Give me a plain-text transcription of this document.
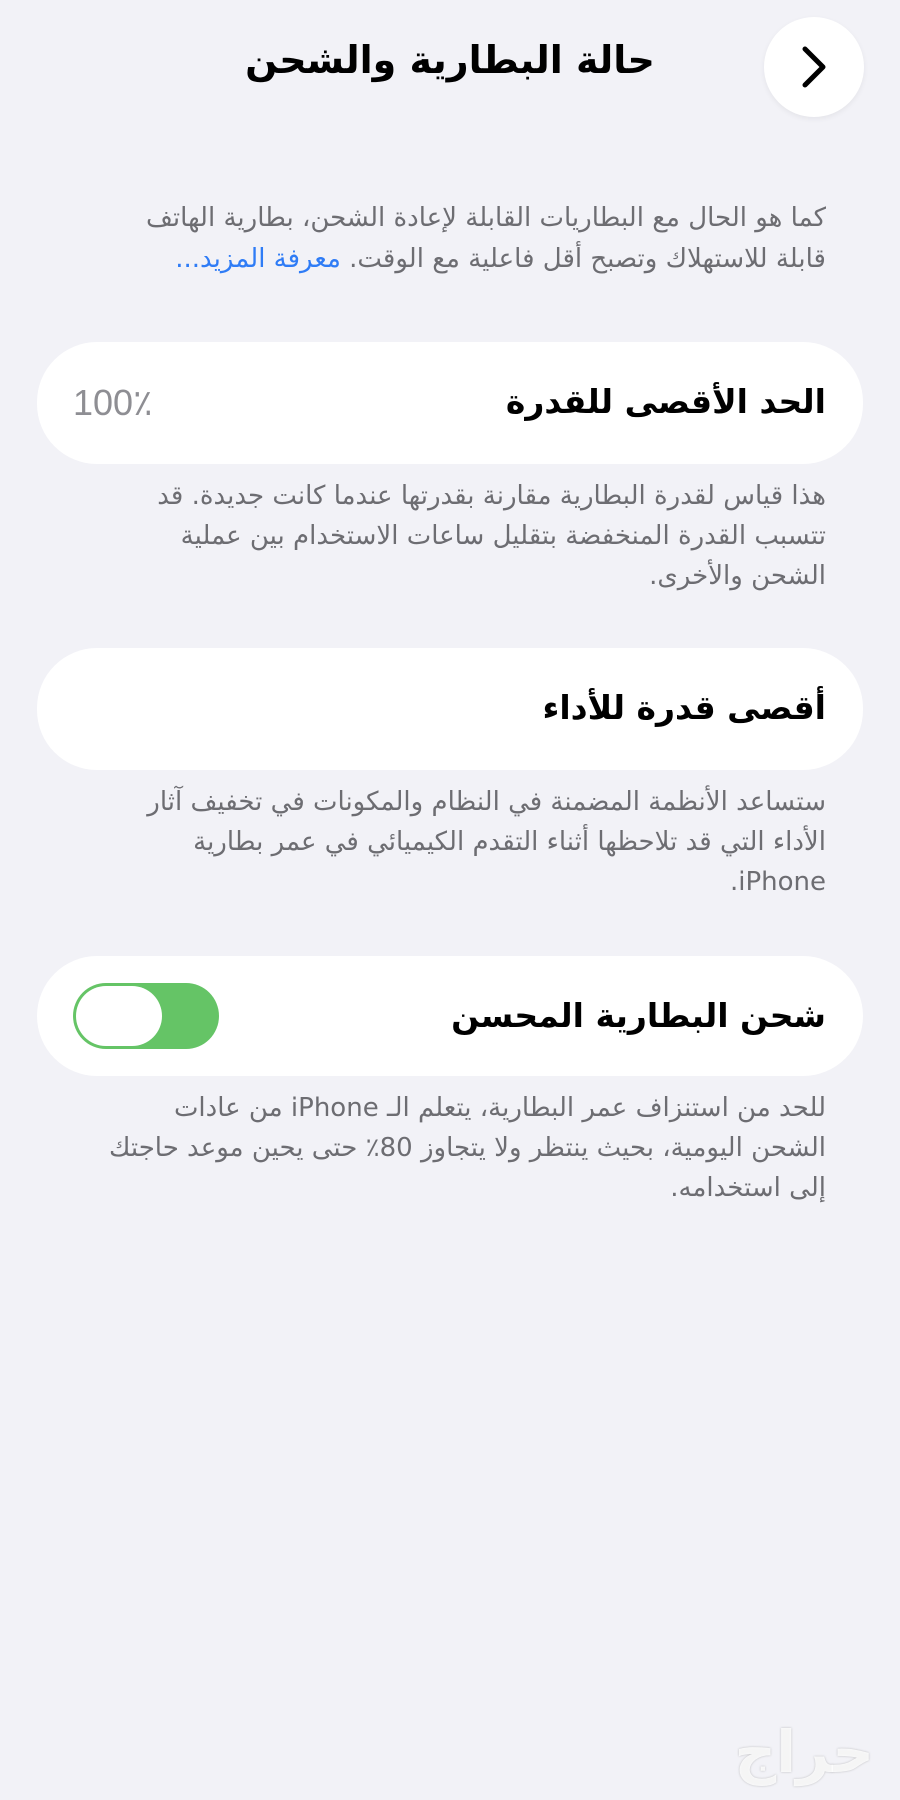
حالة البطارية والشحن
كما هو الحال مع البطاريات القابلة لإعادة الشحن، بطارية الهاتف قابلة للاستهلاك وتصبح أقل فاعلية مع الوقت. معرفة المزيد...
الحد الأقصى للقدرة
100٪
هذا قياس لقدرة البطارية مقارنة بقدرتها عندما كانت جديدة. قد تتسبب القدرة المنخفضة بتقليل ساعات الاستخدام بين عملية الشحن والأخرى.
أقصى قدرة للأداء
ستساعد الأنظمة المضمنة في النظام والمكونات في تخفيف آثار الأداء التي قد تلاحظها أثناء التقدم الكيميائي في عمر بطارية iPhone.
شحن البطارية المحسن
للحد من استنزاف عمر البطارية، يتعلم الـ iPhone من عادات الشحن اليومية، بحيث ينتظر ولا يتجاوز 80٪ حتى يحين موعد حاجتك إلى استخدامه.
حراج
